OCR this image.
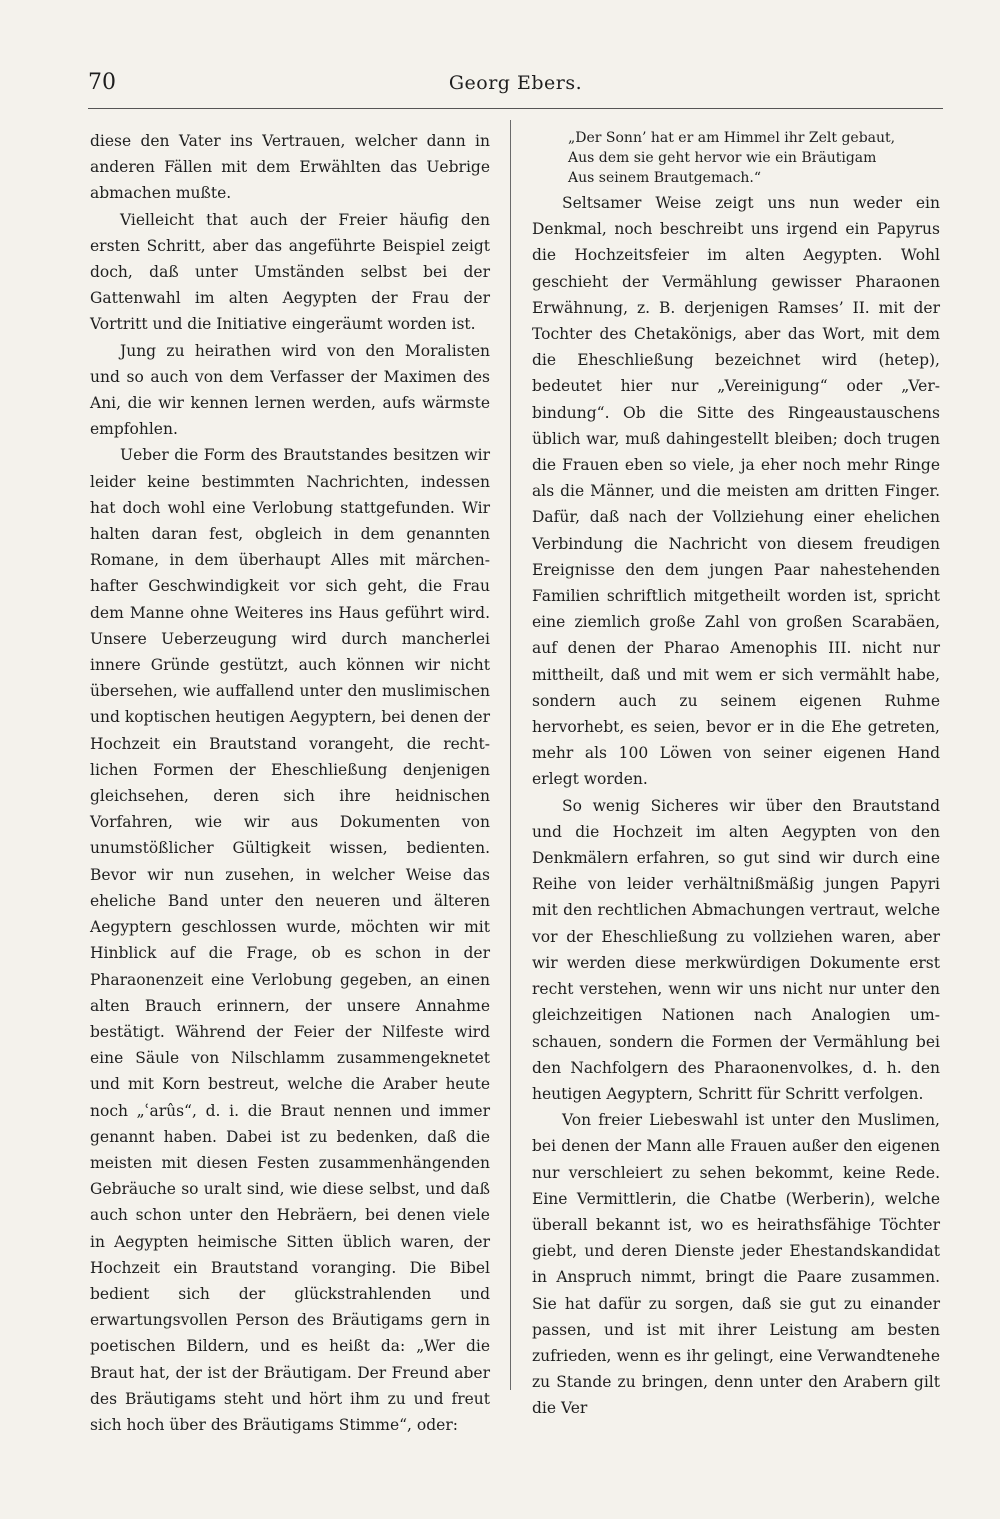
70	Georg Ebers.

diese den Vater ins Vertrauen, welcher dann in anderen Fällen mit dem Erwählten das Uebrige abmachen mußte.

Vielleicht that auch der Freier häufig den ersten Schritt, aber das angeführte Beispiel zeigt doch, daß unter Umständen selbst bei der Gattenwahl im alten Aegypten der Frau der Vortritt und die Initiative eingeräumt worden ist.

Jung zu heirathen wird von den Moralisten und so auch von dem Verfasser der Maximen des Ani, die wir kennen lernen werden, aufs wärmste empfohlen.

Ueber die Form des Brautstandes besitzen wir leider keine bestimmten Nachrichten, indessen hat doch wohl eine Verlobung stattgefunden. Wir halten daran fest, obgleich in dem genannten Romane, in dem überhaupt Alles mit märchenhafter Geschwindigkeit vor sich geht, die Frau dem Manne ohne Weiteres ins Haus geführt wird. Unsere Ueberzeugung wird durch mancherlei innere Gründe gestützt, auch können wir nicht übersehen, wie auffallend unter den muslimischen und koptischen heutigen Aegyptern, bei denen der Hochzeit ein Brautstand vorangeht, die rechtlichen Formen der Eheschließung denjenigen gleichsehen, deren sich ihre heidnischen Vorfahren, wie wir aus Dokumenten von unumstößlicher Gültigkeit wissen, bedienten. Bevor wir nun zusehen, in welcher Weise das eheliche Band unter den neueren und älteren Aegyptern geschlossen wurde, möchten wir mit Hinblick auf die Frage, ob es schon in der Pharaonenzeit eine Verlobung gegeben, an einen alten Brauch erinnern, der unsere Annahme bestätigt. Während der Feier der Nilfeste wird eine Säule von Nilschlamm zusammengeknetet und mit Korn bestreut, welche die Araber heute noch „ʿarûs“, d. i. die Braut nennen und immer genannt haben. Dabei ist zu bedenken, daß die meisten mit diesen Festen zusammenhängenden Gebräuche so uralt sind, wie diese selbst, und daß auch schon unter den Hebräern, bei denen viele in Aegypten heimische Sitten üblich waren, der Hochzeit ein Brautstand voranging. Die Bibel bedient sich der glückstrahlenden und erwartungsvollen Person des Bräutigams gern in poetischen Bildern, und es heißt da: „Wer die Braut hat, der ist der Bräutigam. Der Freund aber des Bräutigams steht und hört ihm zu und freut sich hoch über des Bräutigams Stimme“, oder:

„Der Sonn’ hat er am Himmel ihr Zelt gebaut,
Aus dem sie geht hervor wie ein Bräutigam
Aus seinem Brautgemach.“

Seltsamer Weise zeigt uns nun weder ein Denkmal, noch beschreibt uns irgend ein Papyrus die Hochzeitsfeier im alten Aegypten. Wohl geschieht der Vermählung gewisser Pharaonen Erwähnung, z. B. derjenigen Ramses’ II. mit der Tochter des Chetakönigs, aber das Wort, mit dem die Eheschließung bezeichnet wird (hetep), bedeutet hier nur „Vereinigung“ oder „Verbindung“. Ob die Sitte des Ringeaustauschens üblich war, muß dahingestellt bleiben; doch trugen die Frauen eben so viele, ja eher noch mehr Ringe als die Männer, und die meisten am dritten Finger. Dafür, daß nach der Vollziehung einer ehelichen Verbindung die Nachricht von diesem freudigen Ereignisse den dem jungen Paar nahestehenden Familien schriftlich mitgetheilt worden ist, spricht eine ziemlich große Zahl von großen Scarabäen, auf denen der Pharao Amenophis III. nicht nur mittheilt, daß und mit wem er sich vermählt habe, sondern auch zu seinem eigenen Ruhme hervorhebt, es seien, bevor er in die Ehe getreten, mehr als 100 Löwen von seiner eigenen Hand erlegt worden.

So wenig Sicheres wir über den Brautstand und die Hochzeit im alten Aegypten von den Denkmälern erfahren, so gut sind wir durch eine Reihe von leider verhältnißmäßig jungen Papyri mit den rechtlichen Abmachungen vertraut, welche vor der Eheschließung zu vollziehen waren, aber wir werden diese merkwürdigen Dokumente erst recht verstehen, wenn wir uns nicht nur unter den gleichzeitigen Nationen nach Analogien umschauen, sondern die Formen der Vermählung bei den Nachfolgern des Pharaonenvolkes, d. h. den heutigen Aegyptern, Schritt für Schritt verfolgen.

Von freier Liebeswahl ist unter den Muslimen, bei denen der Mann alle Frauen außer den eigenen nur verschleiert zu sehen bekommt, keine Rede. Eine Vermittlerin, die Chatbe (Werberin), welche überall bekannt ist, wo es heirathsfähige Töchter giebt, und deren Dienste jeder Ehestandskandidat in Anspruch nimmt, bringt die Paare zusammen. Sie hat dafür zu sorgen, daß sie gut zu einander passen, und ist mit ihrer Leistung am besten zufrieden, wenn es ihr gelingt, eine Verwandtenehe zu Stande zu bringen, denn unter den Arabern gilt die Ver
